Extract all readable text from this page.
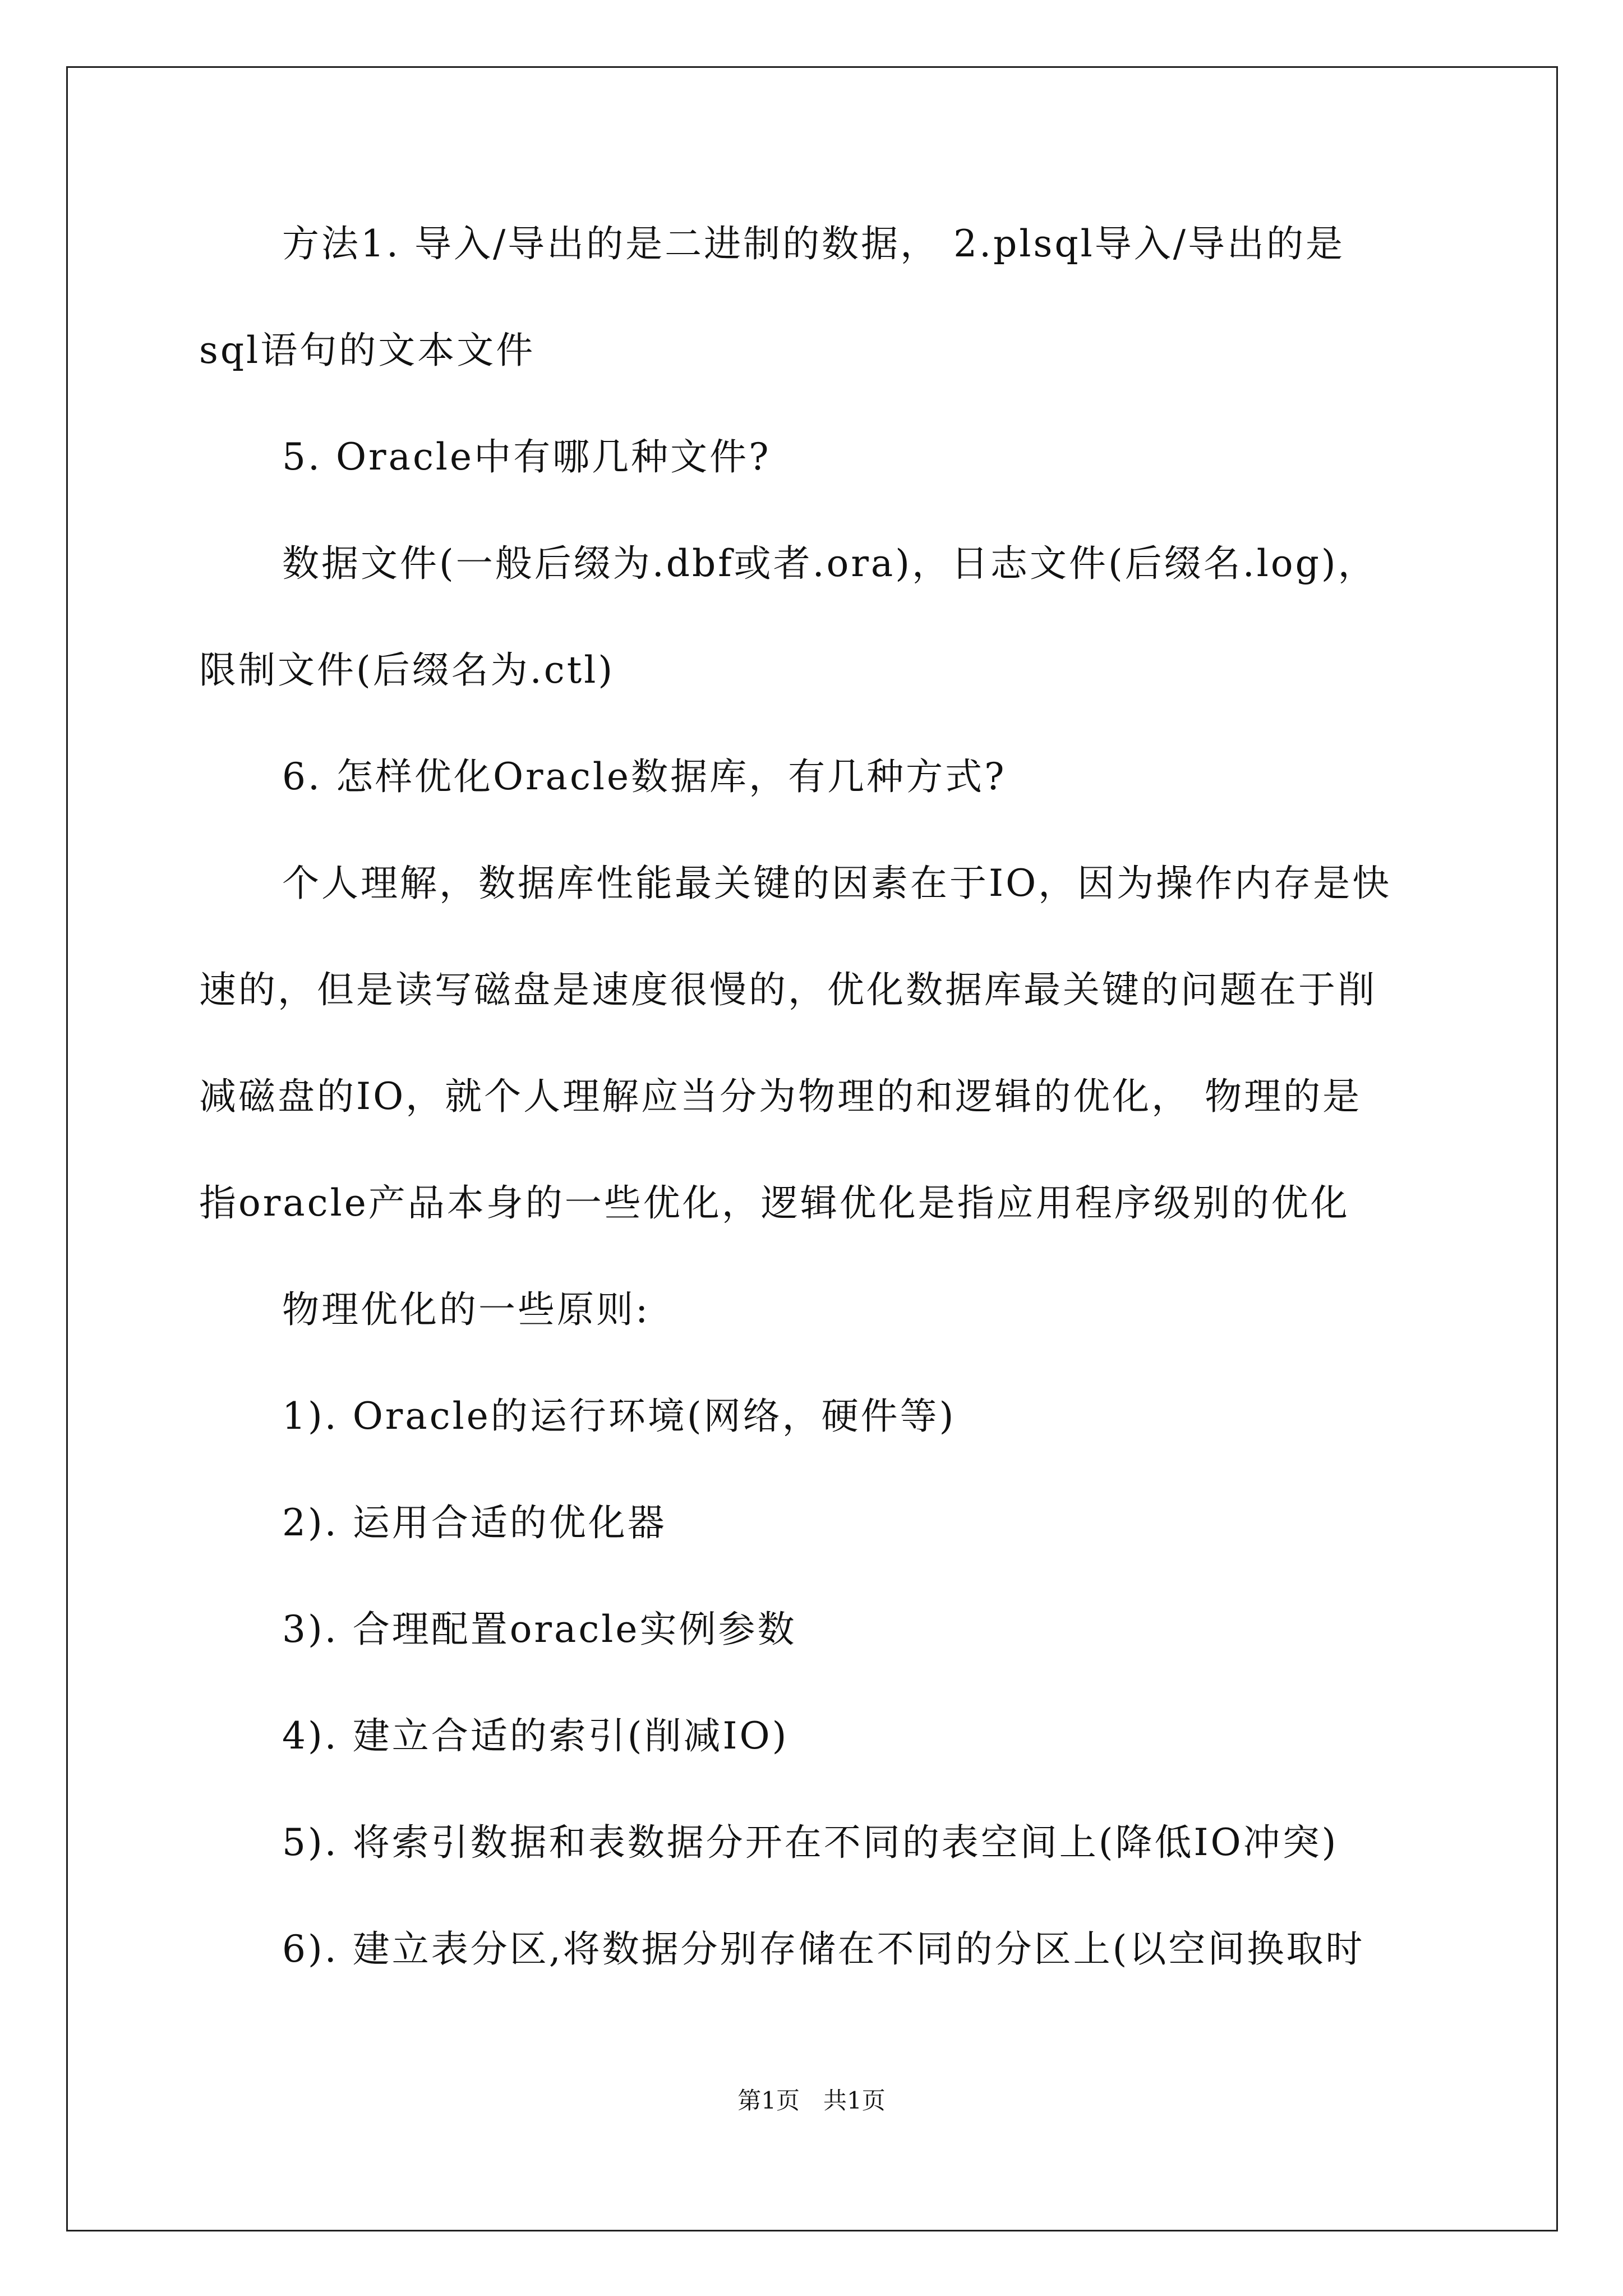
方法1. 导入/导出的是二进制的数据， 2.plsql导入/导出的是
sql语句的文本文件
5. Oracle中有哪几种文件?
数据文件(一般后缀为.dbf或者.ora)，日志文件(后缀名.log)，
限制文件(后缀名为.ctl)
6. 怎样优化Oracle数据库，有几种方式?
个人理解，数据库性能最关键的因素在于IO，因为操作内存是快
速的，但是读写磁盘是速度很慢的，优化数据库最关键的问题在于削
减磁盘的IO，就个人理解应当分为物理的和逻辑的优化， 物理的是
指oracle产品本身的一些优化，逻辑优化是指应用程序级别的优化
物理优化的一些原则:
1). Oracle的运行环境(网络，硬件等)
2). 运用合适的优化器
3). 合理配置oracle实例参数
4). 建立合适的索引(削减IO)
5). 将索引数据和表数据分开在不同的表空间上(降低IO冲突)
6). 建立表分区,将数据分别存储在不同的分区上(以空间换取时
第1页　共1页
